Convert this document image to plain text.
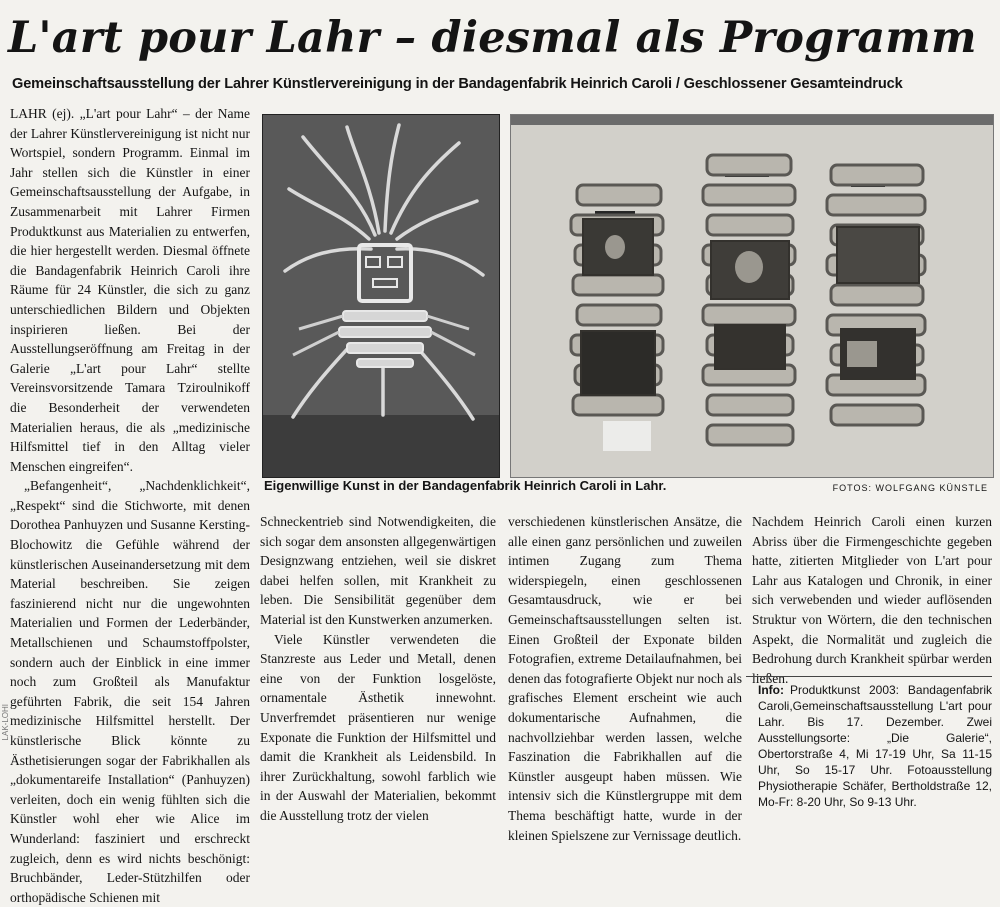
L'art pour Lahr – diesmal als Programm
Gemeinschaftsausstellung der Lahrer Künstlervereinigung in der Bandagenfabrik Heinrich Caroli / Geschlossener Gesamteindruck

LAHR (ej). „L'art pour Lahr“ – der Name der Lahrer Künstlervereinigung ist nicht nur Wortspiel, sondern Programm. Einmal im Jahr stellen sich die Künstler in einer Gemeinschaftsausstellung der Aufgabe, in Zusammenarbeit mit Lahrer Firmen Produktkunst aus Materialien zu entwerfen, die hier hergestellt werden. Diesmal öffnete die Bandagenfabrik Heinrich Caroli ihre Räume für 24 Künstler, die sich zu ganz unterschiedlichen Bildern und Objekten inspirieren ließen. Bei der Ausstellungseröffnung am Freitag in der Galerie „L'art pour Lahr“ stellte Vereinsvorsitzende Tamara Tziroulnikoff die Besonderheit der verwendeten Materialien heraus, die als „medizinische Hilfsmittel tief in den Alltag vieler Menschen eingreifen“.

„Befangenheit“, „Nachdenklichkeit“, „Respekt“ sind die Stichworte, mit denen Dorothea Panhuyzen und Susanne Kersting-Blochowitz die Gefühle während der künstlerischen Auseinandersetzung mit dem Material beschreiben. Sie zeigen faszinierend nicht nur die ungewohnten Materialien und Formen der Lederbänder, Metallschienen und Schaumstoffpolster, sondern auch der Einblick in eine immer noch zum Großteil als Manufaktur geführten Fabrik, die seit 154 Jahren medizinische Hilfsmittel herstellt. Der künstlerische Blick könnte zu Ästhetisierungen sogar der Fabrikhallen als „dokumentareife Installation“ (Panhuyzen) verleiten, doch ein wenig fühlten sich die Künstler wohl eher wie Alice im Wunderland: fasziniert und erschreckt zugleich, denn es wird nichts beschönigt: Bruchbänder, Leder-Stützhilfen oder orthopädische Schienen mit

Eigenwillige Kunst in der Bandagenfabrik Heinrich Caroli in Lahr.	FOTOS: WOLFGANG KÜNSTLE

Schneckentrieb sind Notwendigkeiten, die sich sogar dem ansonsten allgegenwärtigen Designzwang entziehen, weil sie diskret dabei helfen sollen, mit Krankheit zu leben. Die Sensibilität gegenüber dem Material ist den Kunstwerken anzumerken.

Viele Künstler verwendeten die Stanzreste aus Leder und Metall, denen eine von der Funktion losgelöste, ornamentale Ästhetik innewohnt. Unverfremdet präsentieren nur wenige Exponate die Funktion der Hilfsmittel und damit die Krankheit als Leidensbild. In ihrer Zurückhaltung, sowohl farblich wie in der Auswahl der Materialien, bekommt die Ausstellung trotz der vielen

verschiedenen künstlerischen Ansätze, die alle einen ganz persönlichen und zuweilen intimen Zugang zum Thema widerspiegeln, einen geschlossenen Gesamtausdruck, wie er bei Gemeinschaftsausstellungen selten ist. Einen Großteil der Exponate bilden Fotografien, extreme Detailaufnahmen, bei denen das fotografierte Objekt nur noch als grafisches Element erscheint wie auch dokumentarische Aufnahmen, die nachvollziehbar werden lassen, welche Faszination die Fabrikhallen auf die Künstler ausgeupt haben müssen. Wie intensiv sich die Künstlergruppe mit dem Thema beschäftigt hatte, wurde in der kleinen Spielszene zur Vernissage deutlich.

Nachdem Heinrich Caroli einen kurzen Abriss über die Firmengeschichte gegeben hatte, zitierten Mitglieder von L'art pour Lahr aus Katalogen und Chronik, in einer sich verwebenden und wieder auflösenden Struktur von Wörtern, die den technischen Aspekt, die Normalität und zugleich die Bedrohung durch Krankheit spürbar werden ließen.

Info: Produktkunst 2003: Bandagenfabrik Caroli,Gemeinschaftsausstellung L'art pour Lahr. Bis 17. Dezember. Zwei Ausstellungsorte: „Die Galerie“, Obertorstraße 4, Mi 17-19 Uhr, Sa 11-15 Uhr, So 15-17 Uhr. Fotoausstellung Physiotherapie Schäfer, Bertholdstraße 12, Mo-Fr: 8-20 Uhr, So 9-13 Uhr.

LAK-LOHI
